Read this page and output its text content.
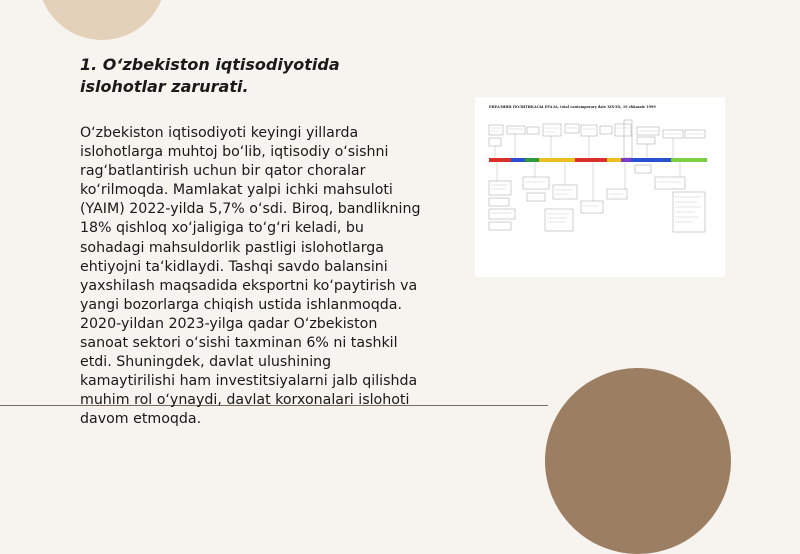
1. O‘zbekiston iqtisodiyotida islohotlar zarurati.

O‘zbekiston iqtisodiyoti keyingi yillarda islohotlarga muhtoj bo‘lib, iqtisodiy o‘sishni rag‘batlantirish uchun bir qator choralar ko‘rilmoqda. Mamlakat yalpi ichki mahsuloti (YAIM) 2022-yilda 5,7% o‘sdi. Biroq, bandlikning 18% qishloq xo‘jaligiga to‘g‘ri keladi, bu sohadagi mahsuldorlik pastligi islohotlarga ehtiyojni ta‘kidlaydi. Tashqi savdo balansini yaxshilash maqsadida eksportni ko‘paytirish va yangi bozorlarga chiqish ustida ishlanmoqda. 2020-yildan 2023-yilga qadar O‘zbekiston sanoat sektori o‘sishi taxminan 6% ni tashkil etdi. Shuningdek, davlat ulushining kamaytirilishi ham investitsiyalarni jalb qilishda muhim rol o‘ynaydi, davlat korxonalari islohoti davom etmoqda.

ЕВРАЗИЯН ПОЛИТИКАСЫ ЕРАЗА, total contemporary date XIX-XX, 19 chkaszie 1999
